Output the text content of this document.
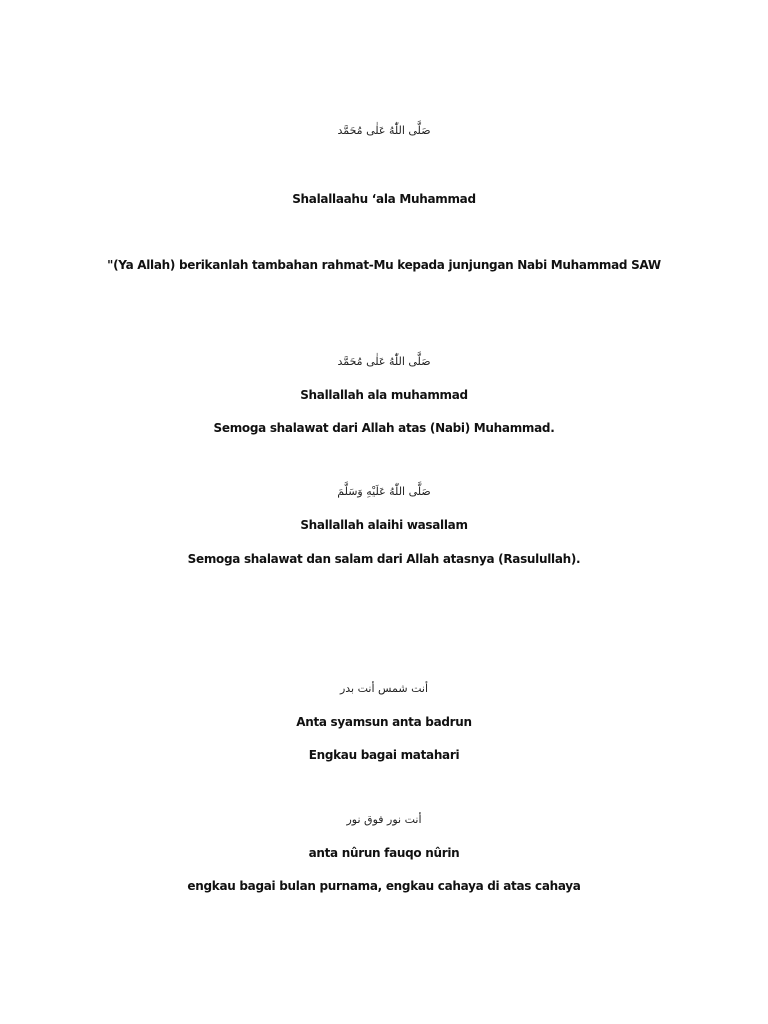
صَلَّى اللّٰهُ عَلٰى مُحَمَّد
Shalallaahu ‘ala Muhammad
"(Ya Allah) berikanlah tambahan rahmat-Mu kepada junjungan Nabi Muhammad SAW
صَلَّى اللّٰهُ عَلٰى مُحَمَّد
Shallallah ala muhammad
Semoga shalawat dari Allah atas (Nabi) Muhammad.
صَلَّى اللّٰهُ عَلَيْهِ وَسَلَّمَ
Shallallah alaihi wasallam
Semoga shalawat dan salam dari Allah atasnya (Rasulullah).
أنت شمس أنت بدر
Anta syamsun anta badrun
Engkau bagai matahari
أنت نور فوق نور
anta nûrun fauqo nûrin
engkau bagai bulan purnama, engkau cahaya di atas cahaya
